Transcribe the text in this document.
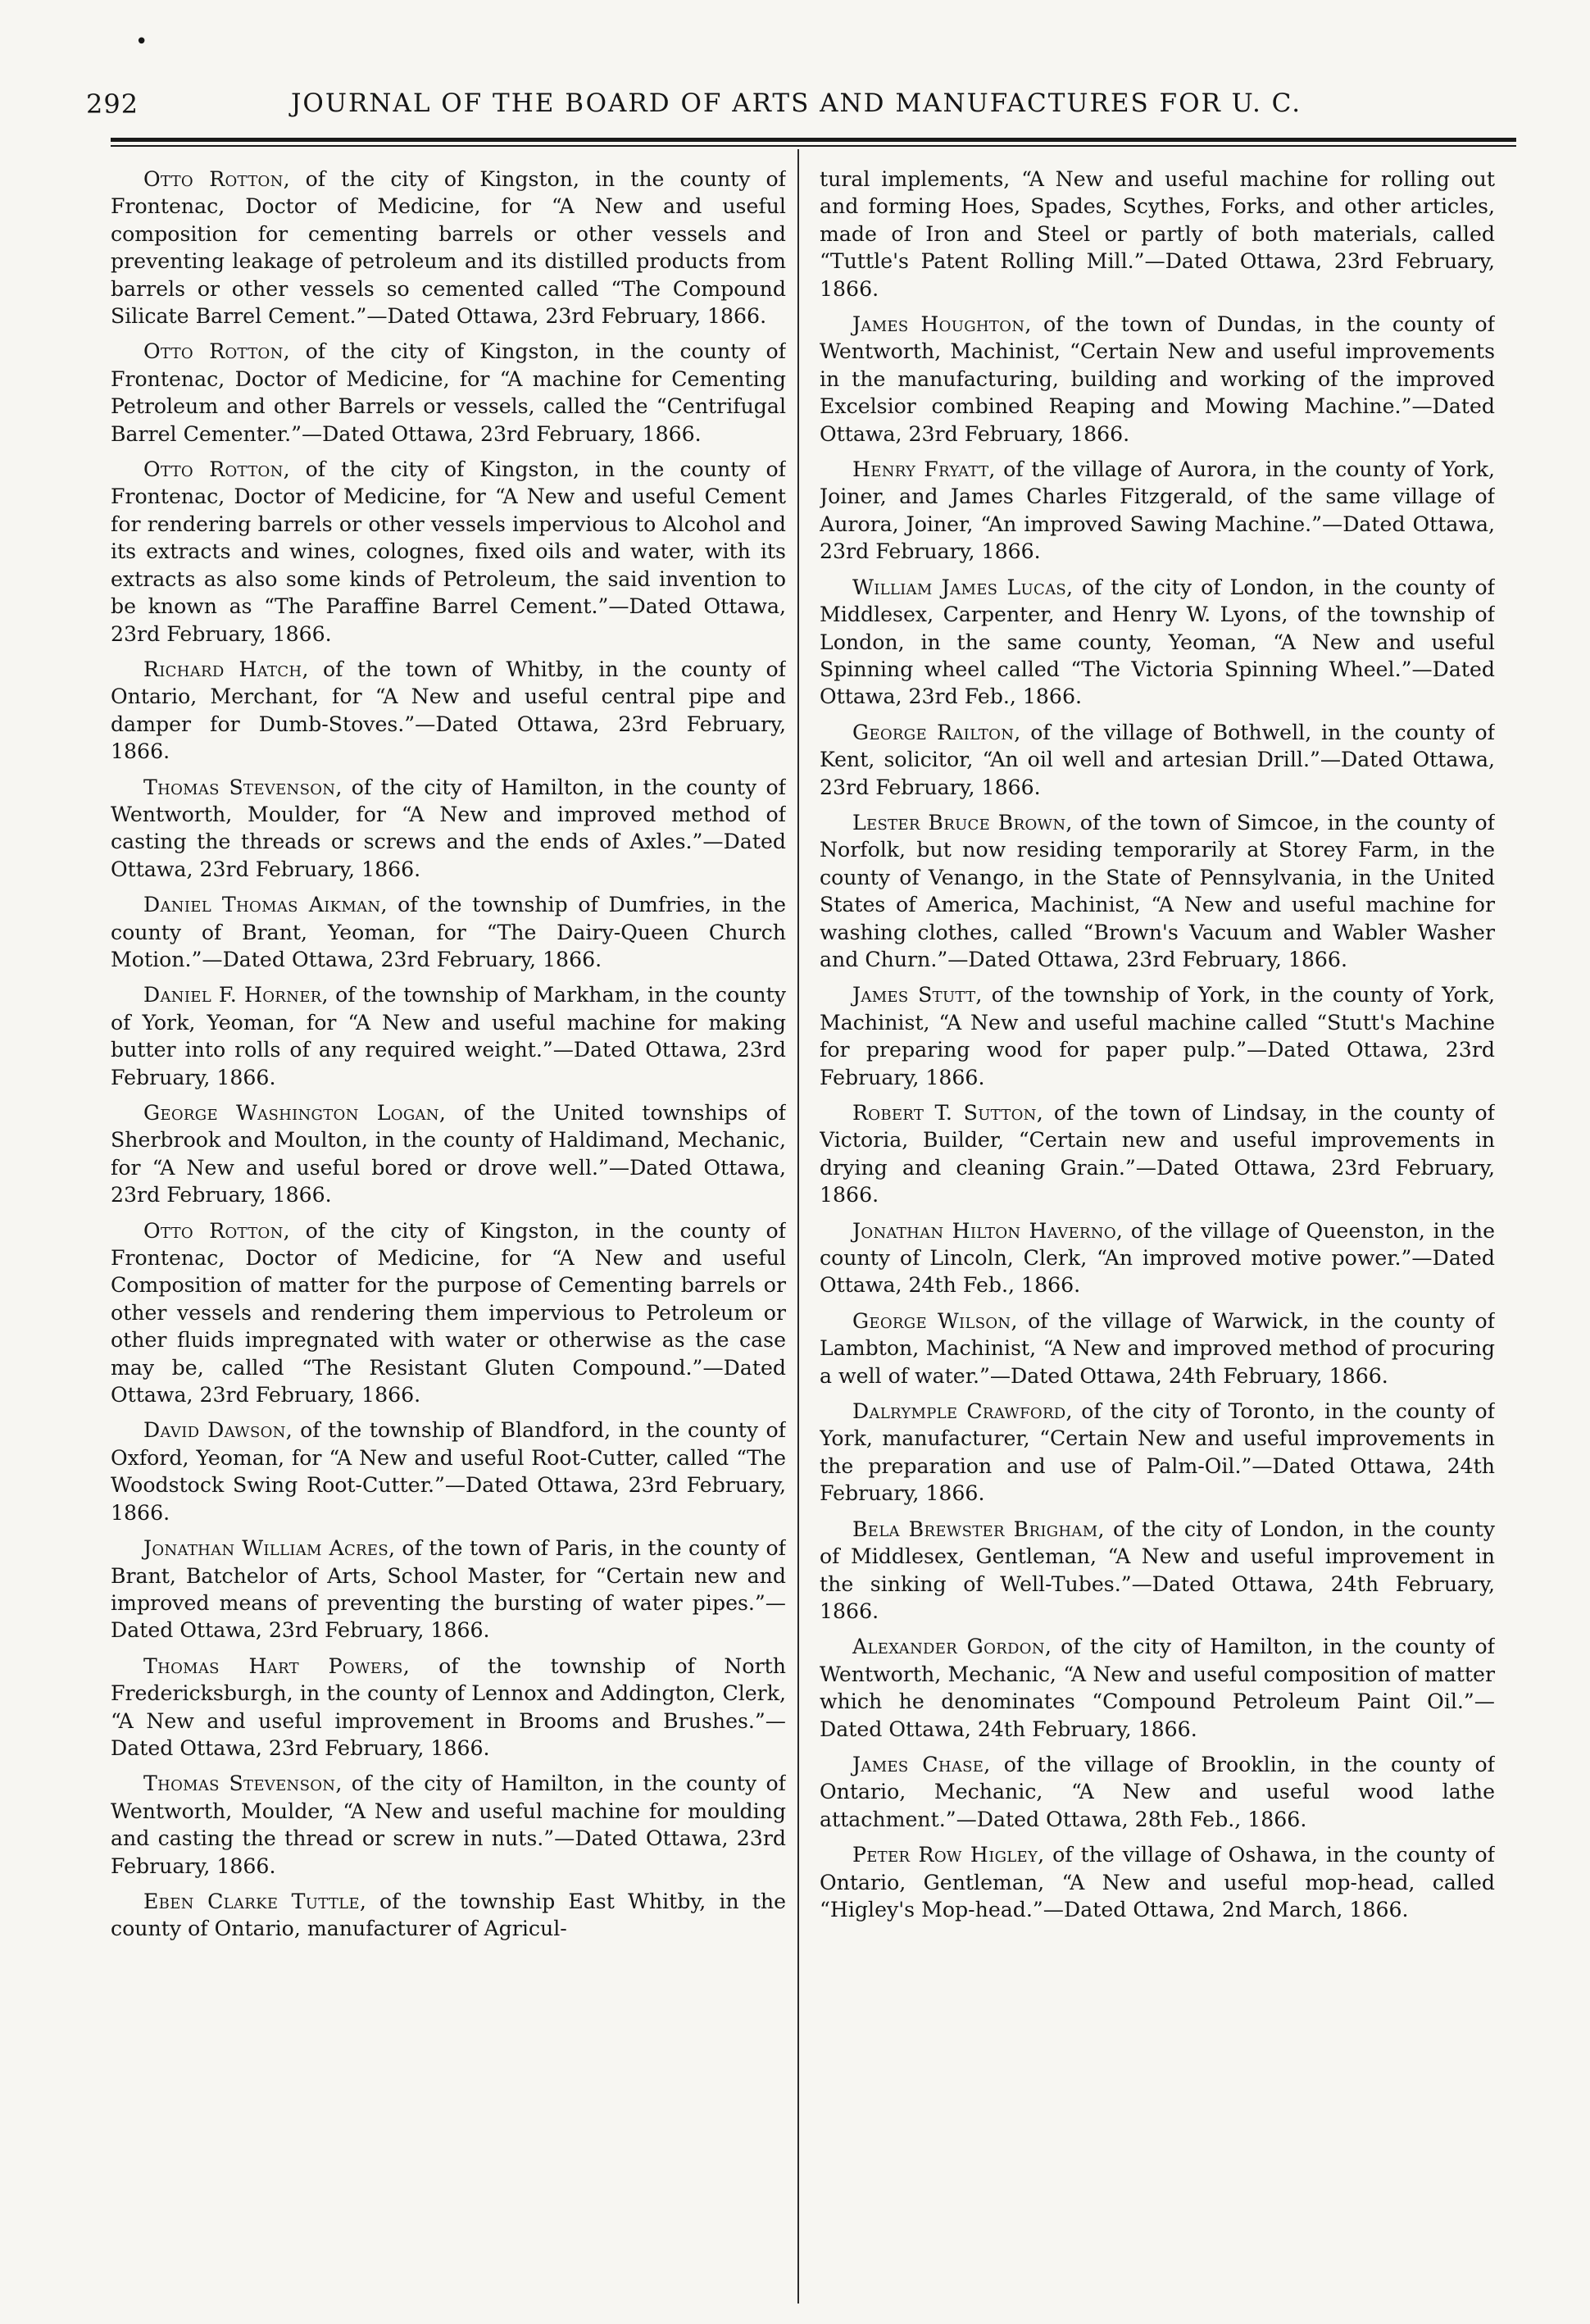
•
292	JOURNAL OF THE BOARD OF ARTS AND MANUFACTURES FOR U. C.

Otto Rotton, of the city of Kingston, in the county of Frontenac, Doctor of Medicine, for “A New and useful composition for cementing barrels or other vessels and preventing leakage of petroleum and its distilled products from barrels or other vessels so cemented called “The Compound Silicate Barrel Cement.”—Dated Ottawa, 23rd February, 1866.

Otto Rotton, of the city of Kingston, in the county of Frontenac, Doctor of Medicine, for “A machine for Cementing Petroleum and other Barrels or vessels, called the “Centrifugal Barrel Cementer.”—Dated Ottawa, 23rd February, 1866.

Otto Rotton, of the city of Kingston, in the county of Frontenac, Doctor of Medicine, for “A New and useful Cement for rendering barrels or other vessels impervious to Alcohol and its extracts and wines, colognes, fixed oils and water, with its extracts as also some kinds of Petroleum, the said invention to be known as “The Paraffine Barrel Cement.”—Dated Ottawa, 23rd February, 1866.

Richard Hatch, of the town of Whitby, in the county of Ontario, Merchant, for “A New and useful central pipe and damper for Dumb-Stoves.”—Dated Ottawa, 23rd February, 1866.

Thomas Stevenson, of the city of Hamilton, in the county of Wentworth, Moulder, for “A New and improved method of casting the threads or screws and the ends of Axles.”—Dated Ottawa, 23rd February, 1866.

Daniel Thomas Aikman, of the township of Dumfries, in the county of Brant, Yeoman, for “The Dairy-Queen Church Motion.”—Dated Ottawa, 23rd February, 1866.

Daniel F. Horner, of the township of Markham, in the county of York, Yeoman, for “A New and useful machine for making butter into rolls of any required weight.”—Dated Ottawa, 23rd February, 1866.

George Washington Logan, of the United townships of Sherbrook and Moulton, in the county of Haldimand, Mechanic, for “A New and useful bored or drove well.”—Dated Ottawa, 23rd February, 1866.

Otto Rotton, of the city of Kingston, in the county of Frontenac, Doctor of Medicine, for “A New and useful Composition of matter for the purpose of Cementing barrels or other vessels and rendering them impervious to Petroleum or other fluids impregnated with water or otherwise as the case may be, called “The Resistant Gluten Compound.”—Dated Ottawa, 23rd February, 1866.

David Dawson, of the township of Blandford, in the county of Oxford, Yeoman, for “A New and useful Root-Cutter, called “The Woodstock Swing Root-Cutter.”—Dated Ottawa, 23rd February, 1866.

Jonathan William Acres, of the town of Paris, in the county of Brant, Batchelor of Arts, School Master, for “Certain new and improved means of preventing the bursting of water pipes.”—Dated Ottawa, 23rd February, 1866.

Thomas Hart Powers, of the township of North Fredericksburgh, in the county of Lennox and Addington, Clerk, “A New and useful improvement in Brooms and Brushes.”—Dated Ottawa, 23rd February, 1866.

Thomas Stevenson, of the city of Hamilton, in the county of Wentworth, Moulder, “A New and useful machine for moulding and casting the thread or screw in nuts.”—Dated Ottawa, 23rd February, 1866.

Eben Clarke Tuttle, of the township East Whitby, in the county of Ontario, manufacturer of Agricul-

tural implements, “A New and useful machine for rolling out and forming Hoes, Spades, Scythes, Forks, and other articles, made of Iron and Steel or partly of both materials, called “Tuttle's Patent Rolling Mill.”—Dated Ottawa, 23rd February, 1866.

James Houghton, of the town of Dundas, in the county of Wentworth, Machinist, “Certain New and useful improvements in the manufacturing, building and working of the improved Excelsior combined Reaping and Mowing Machine.”—Dated Ottawa, 23rd February, 1866.

Henry Fryatt, of the village of Aurora, in the county of York, Joiner, and James Charles Fitzgerald, of the same village of Aurora, Joiner, “An improved Sawing Machine.”—Dated Ottawa, 23rd February, 1866.

William James Lucas, of the city of London, in the county of Middlesex, Carpenter, and Henry W. Lyons, of the township of London, in the same county, Yeoman, “A New and useful Spinning wheel called “The Victoria Spinning Wheel.”—Dated Ottawa, 23rd Feb., 1866.

George Railton, of the village of Bothwell, in the county of Kent, solicitor, “An oil well and artesian Drill.”—Dated Ottawa, 23rd February, 1866.

Lester Bruce Brown, of the town of Simcoe, in the county of Norfolk, but now residing temporarily at Storey Farm, in the county of Venango, in the State of Pennsylvania, in the United States of America, Machinist, “A New and useful machine for washing clothes, called “Brown's Vacuum and Wabler Washer and Churn.”—Dated Ottawa, 23rd February, 1866.

James Stutt, of the township of York, in the county of York, Machinist, “A New and useful machine called “Stutt's Machine for preparing wood for paper pulp.”—Dated Ottawa, 23rd February, 1866.

Robert T. Sutton, of the town of Lindsay, in the county of Victoria, Builder, “Certain new and useful improvements in drying and cleaning Grain.”—Dated Ottawa, 23rd February, 1866.

Jonathan Hilton Haverno, of the village of Queenston, in the county of Lincoln, Clerk, “An improved motive power.”—Dated Ottawa, 24th Feb., 1866.

George Wilson, of the village of Warwick, in the county of Lambton, Machinist, “A New and improved method of procuring a well of water.”—Dated Ottawa, 24th February, 1866.

Dalrymple Crawford, of the city of Toronto, in the county of York, manufacturer, “Certain New and useful improvements in the preparation and use of Palm-Oil.”—Dated Ottawa, 24th February, 1866.

Bela Brewster Brigham, of the city of London, in the county of Middlesex, Gentleman, “A New and useful improvement in the sinking of Well-Tubes.”—Dated Ottawa, 24th February, 1866.

Alexander Gordon, of the city of Hamilton, in the county of Wentworth, Mechanic, “A New and useful composition of matter which he denominates “Compound Petroleum Paint Oil.”—Dated Ottawa, 24th February, 1866.

James Chase, of the village of Brooklin, in the county of Ontario, Mechanic, “A New and useful wood lathe attachment.”—Dated Ottawa, 28th Feb., 1866.

Peter Row Higley, of the village of Oshawa, in the county of Ontario, Gentleman, “A New and useful mop-head, called “Higley's Mop-head.”—Dated Ottawa, 2nd March, 1866.
